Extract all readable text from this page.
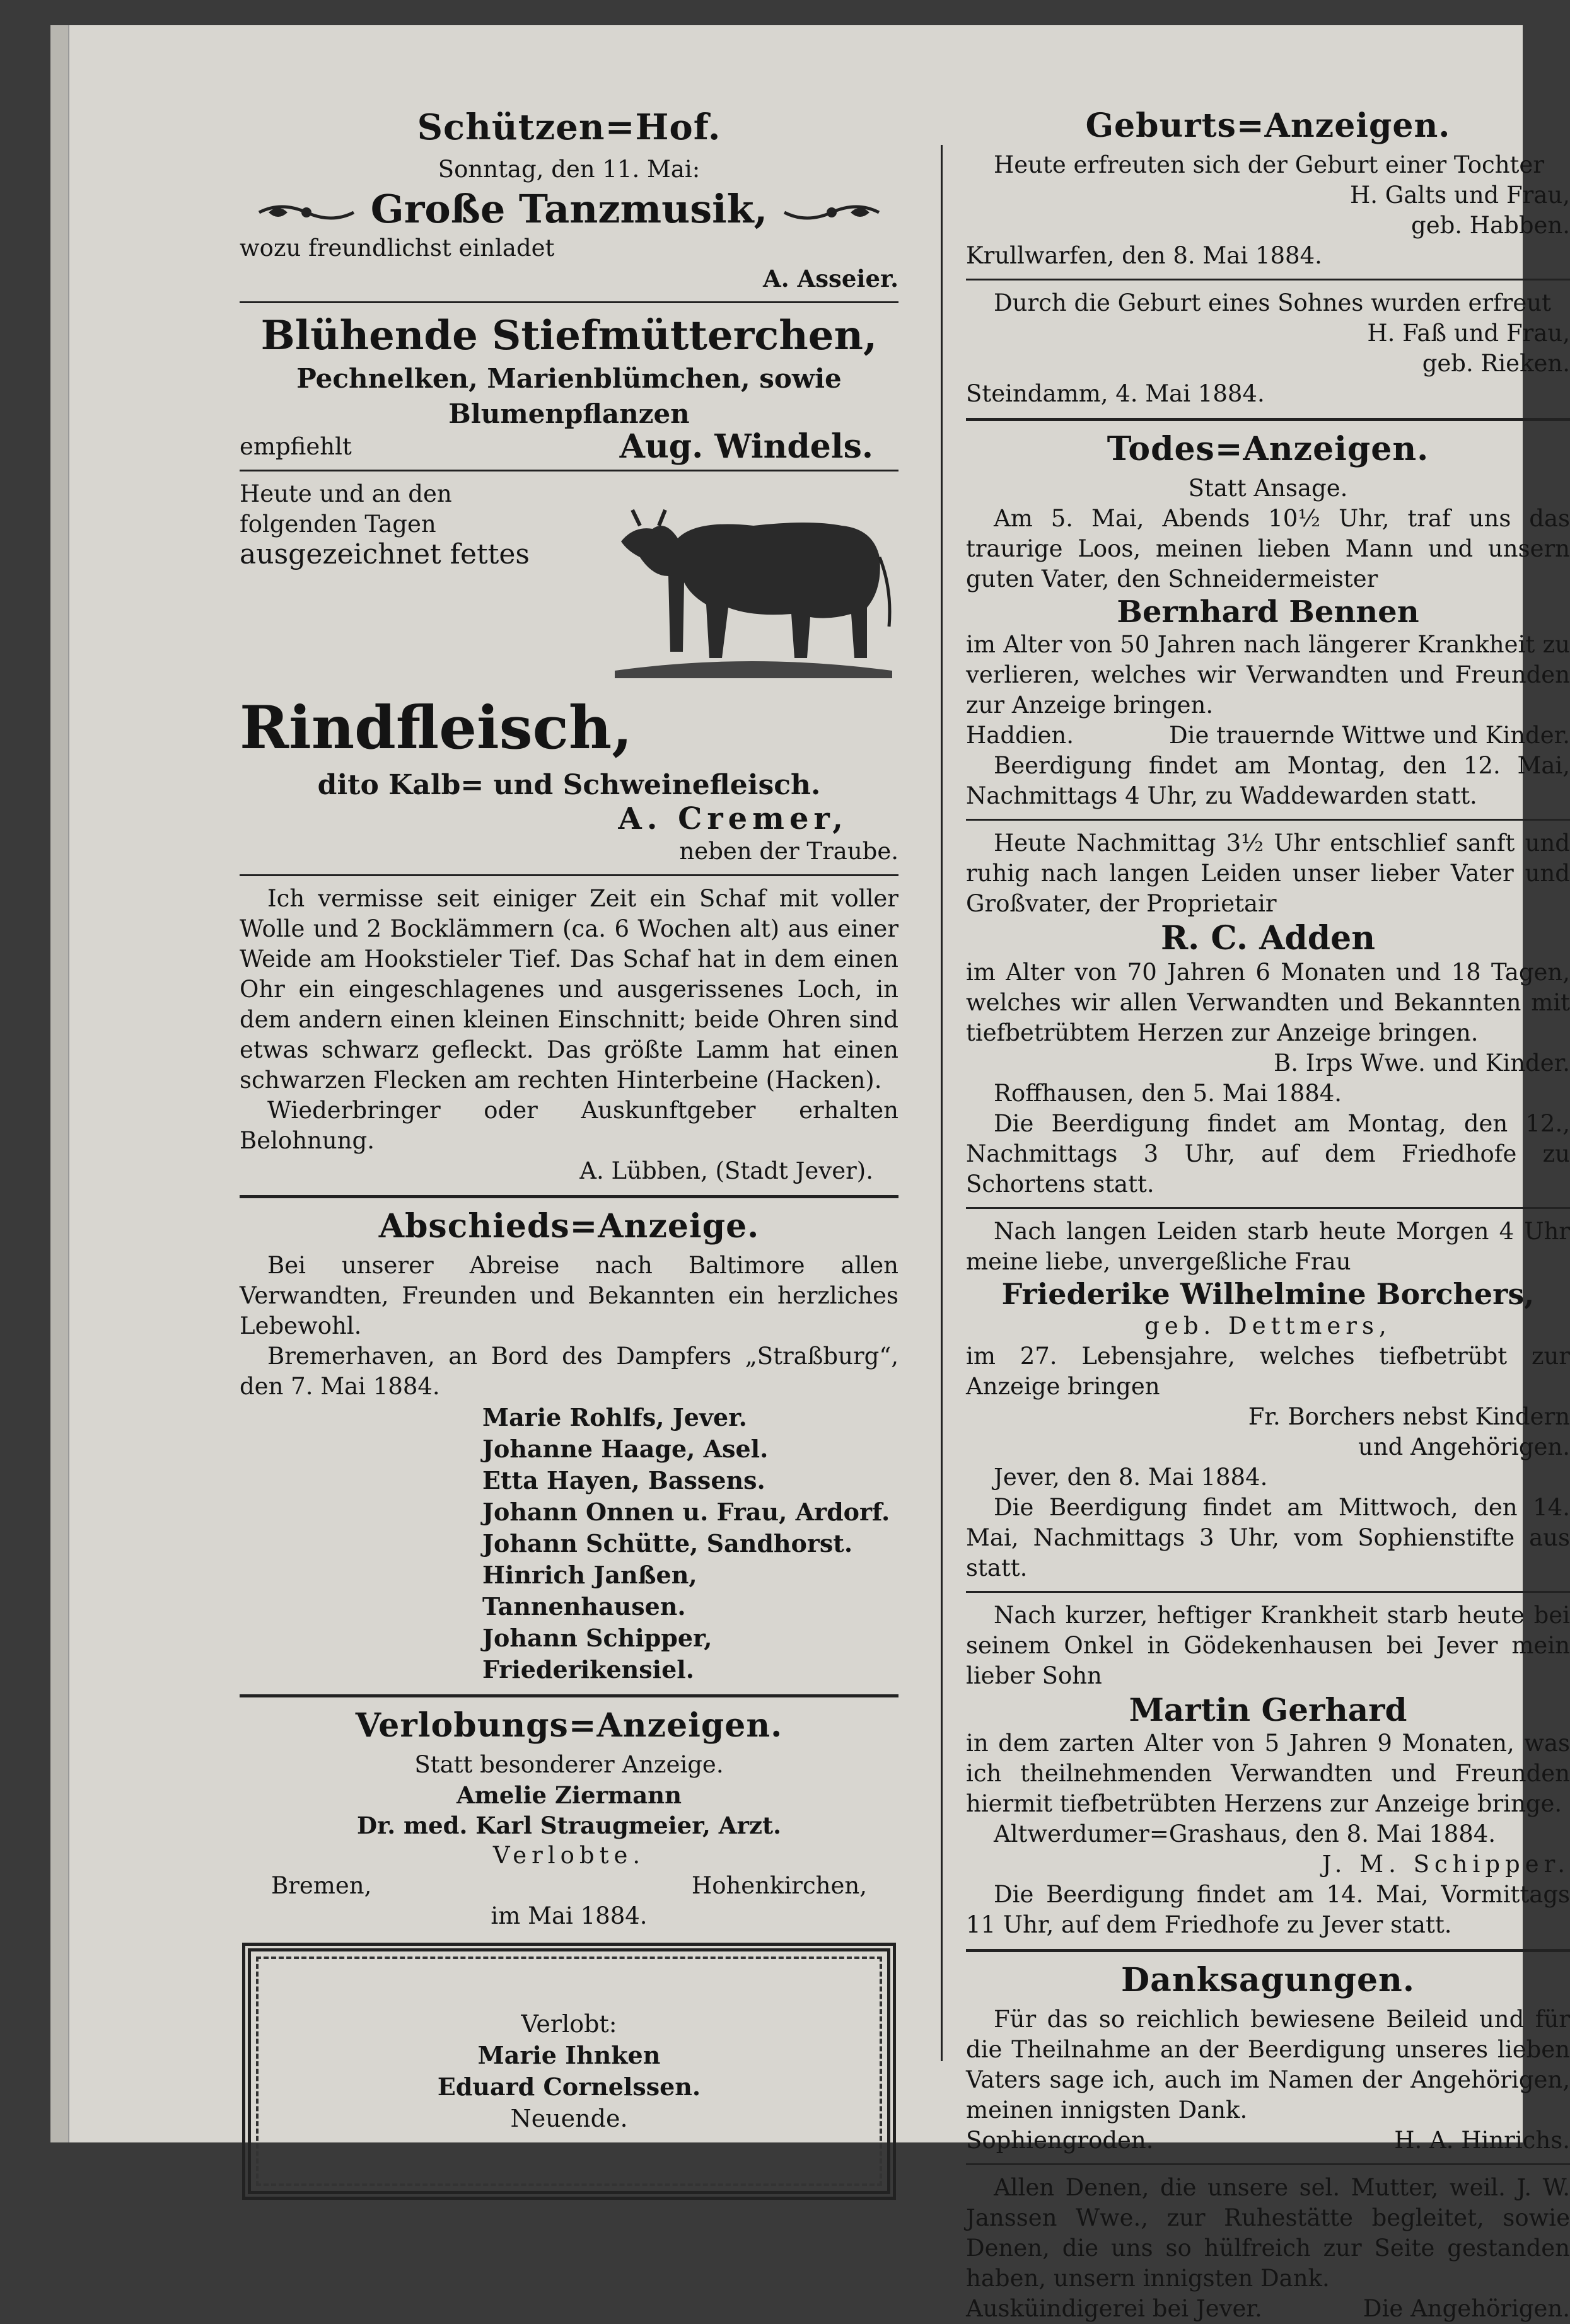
Schützen=Hof.
Sonntag, den 11. Mai:
Große Tanzmusik,
wozu freundlichst einladet
A. Asseier.
Blühende Stiefmütterchen,
Pechnelken, Marienblümchen, sowie
Blumenpflanzen
empfiehlt	Aug. Windels.
Heute und an den
folgenden Tagen
ausgezeichnet fettes
Rindfleisch,
dito Kalb= und Schweinefleisch.
A. Cremer,
neben der Traube.

Ich vermisse seit einiger Zeit ein Schaf mit voller Wolle und 2 Bocklämmern (ca. 6 Wochen alt) aus einer Weide am Hookstieler Tief. Das Schaf hat in dem einen Ohr ein eingeschlagenes und ausgerissenes Loch, in dem andern einen kleinen Einschnitt; beide Ohren sind etwas schwarz gefleckt. Das größte Lamm hat einen schwarzen Flecken am rechten Hinterbeine (Hacken).

Wiederbringer oder Auskunftgeber erhalten Belohnung.

A. Lübben, (Stadt Jever).

Abschieds=Anzeige.

Bei unserer Abreise nach Baltimore allen Verwandten, Freunden und Bekannten ein herzliches Lebewohl.

Bremerhaven, an Bord des Dampfers „Straßburg“, den 7. Mai 1884.

Marie Rohlfs, Jever.
Johanne Haage, Asel.
Etta Hayen, Bassens.
Johann Onnen u. Frau, Ardorf.
Johann Schütte, Sandhorst.
Hinrich Janßen, Tannenhausen.
Johann Schipper, Friederikensiel.
Verlobungs=Anzeigen.
Statt besonderer Anzeige.
Amelie Ziermann
Dr. med. Karl Straugmeier, Arzt.
Verlobte.
Bremen,	Hohenkirchen,
im Mai 1884.
Verlobt:
Marie Ihnken
Eduard Cornelssen.
Neuende.
Geburts=Anzeigen.

Heute erfreuten sich der Geburt einer Tochter

H. Galts und Frau,

geb. Habben.

Krullwarfen, den 8. Mai 1884.

Durch die Geburt eines Sohnes wurden erfreut

H. Faß und Frau,

geb. Rieken.

Steindamm, 4. Mai 1884.

Todes=Anzeigen.

Statt Ansage.

Am 5. Mai, Abends 10½ Uhr, traf uns das traurige Loos, meinen lieben Mann und unsern guten Vater, den Schneidermeister

Bernhard Bennen

im Alter von 50 Jahren nach längerer Krankheit zu verlieren, welches wir Verwandten und Freunden zur Anzeige bringen.

Haddien.	Die trauernde Wittwe und Kinder.

Beerdigung findet am Montag, den 12. Mai, Nachmittags 4 Uhr, zu Waddewarden statt.

Heute Nachmittag 3½ Uhr entschlief sanft und ruhig nach langen Leiden unser lieber Vater und Großvater, der Proprietair

R. C. Adden

im Alter von 70 Jahren 6 Monaten und 18 Tagen, welches wir allen Verwandten und Bekannten mit tiefbetrübtem Herzen zur Anzeige bringen.

B. Irps Wwe. und Kinder.

Roffhausen, den 5. Mai 1884.

Die Beerdigung findet am Montag, den 12., Nachmittags 3 Uhr, auf dem Friedhofe zu Schortens statt.

Nach langen Leiden starb heute Morgen 4 Uhr meine liebe, unvergeßliche Frau

Friederike Wilhelmine Borchers,

geb. Dettmers,

im 27. Lebensjahre, welches tiefbetrübt zur Anzeige bringen

Fr. Borchers nebst Kindern

und Angehörigen.

Jever, den 8. Mai 1884.

Die Beerdigung findet am Mittwoch, den 14. Mai, Nachmittags 3 Uhr, vom Sophienstifte aus statt.

Nach kurzer, heftiger Krankheit starb heute bei seinem Onkel in Gödekenhausen bei Jever mein lieber Sohn

Martin Gerhard

in dem zarten Alter von 5 Jahren 9 Monaten, was ich theilnehmenden Verwandten und Freunden hiermit tiefbetrübten Herzens zur Anzeige bringe.

Altwerdumer=Grashaus, den 8. Mai 1884.

J. M. Schipper.

Die Beerdigung findet am 14. Mai, Vormittags 11 Uhr, auf dem Friedhofe zu Jever statt.

Danksagungen.

Für das so reichlich bewiesene Beileid und für die Theilnahme an der Beerdigung unseres lieben Vaters sage ich, auch im Namen der Angehörigen, meinen innigsten Dank.

Sophiengroden.	H. A. Hinrichs.

Allen Denen, die unsere sel. Mutter, weil. J. W. Janssen Wwe., zur Ruhestätte begleitet, sowie Denen, die uns so hülfreich zur Seite gestanden haben, unsern innigsten Dank.

Ausküindigerei bei Jever.	Die Angehörigen.
